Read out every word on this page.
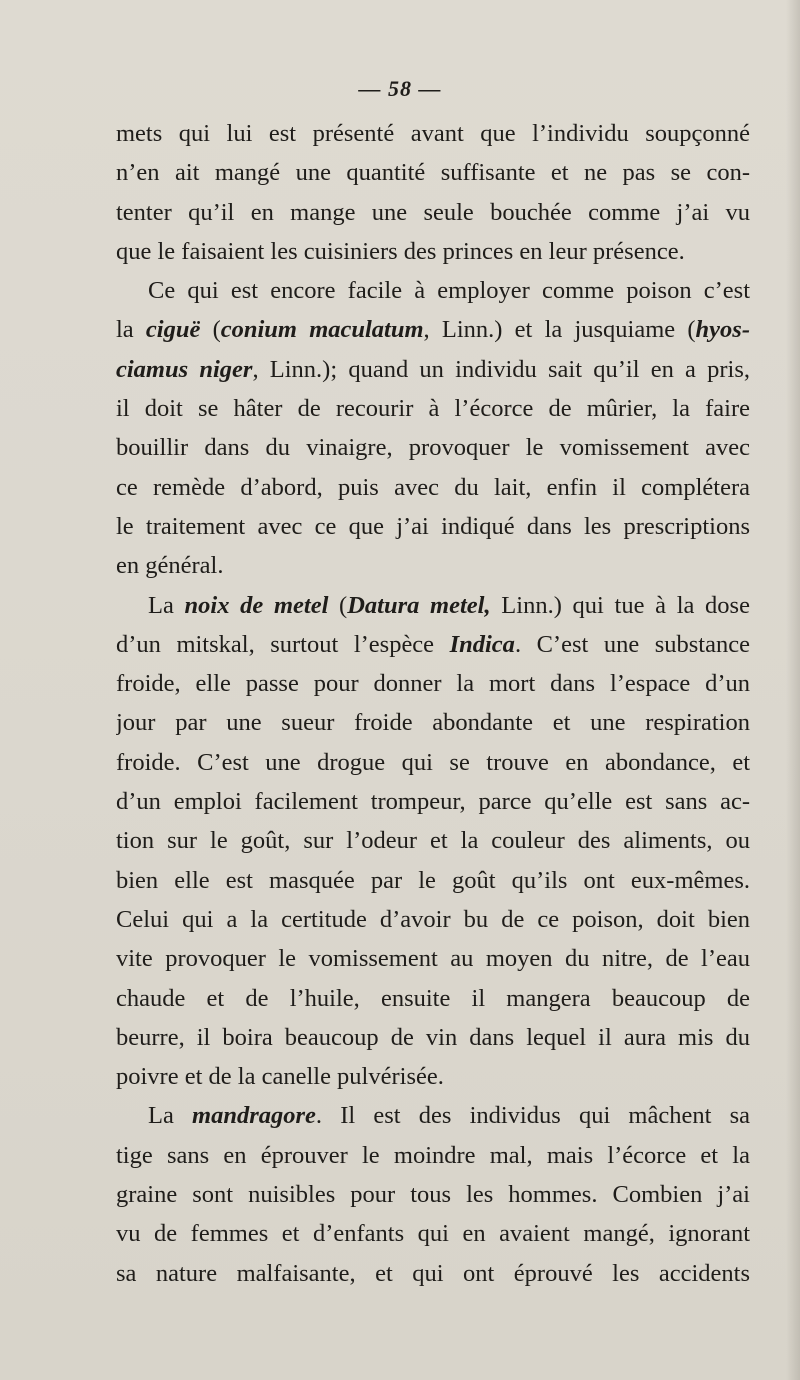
— 58 —
mets qui lui est présenté avant que l’individu soupçonné
n’en ait mangé une quantité suffisante et ne pas se con-
tenter qu’il en mange une seule bouchée comme j’ai vu
que le faisaient les cuisiniers des princes en leur présence.
Ce qui est encore facile à employer comme poison c’est
la ciguë (conium maculatum, Linn.) et la jusquiame (hyos-
ciamus niger, Linn.); quand un individu sait qu’il en a pris,
il doit se hâter de recourir à l’écorce de mûrier, la faire
bouillir dans du vinaigre, provoquer le vomissement avec
ce remède d’abord, puis avec du lait, enfin il complétera
le traitement avec ce que j’ai indiqué dans les prescriptions
en général.
La noix de metel (Datura metel, Linn.) qui tue à la dose
d’un mitskal, surtout l’espèce Indica. C’est une substance
froide, elle passe pour donner la mort dans l’espace d’un
jour par une sueur froide abondante et une respiration
froide. C’est une drogue qui se trouve en abondance, et
d’un emploi facilement trompeur, parce qu’elle est sans ac-
tion sur le goût, sur l’odeur et la couleur des aliments, ou
bien elle est masquée par le goût qu’ils ont eux-mêmes.
Celui qui a la certitude d’avoir bu de ce poison, doit bien
vite provoquer le vomissement au moyen du nitre, de l’eau
chaude et de l’huile, ensuite il mangera beaucoup de
beurre, il boira beaucoup de vin dans lequel il aura mis du
poivre et de la canelle pulvérisée.
La mandragore. Il est des individus qui mâchent sa
tige sans en éprouver le moindre mal, mais l’écorce et la
graine sont nuisibles pour tous les hommes. Combien j’ai
vu de femmes et d’enfants qui en avaient mangé, ignorant
sa nature malfaisante, et qui ont éprouvé les accidents
